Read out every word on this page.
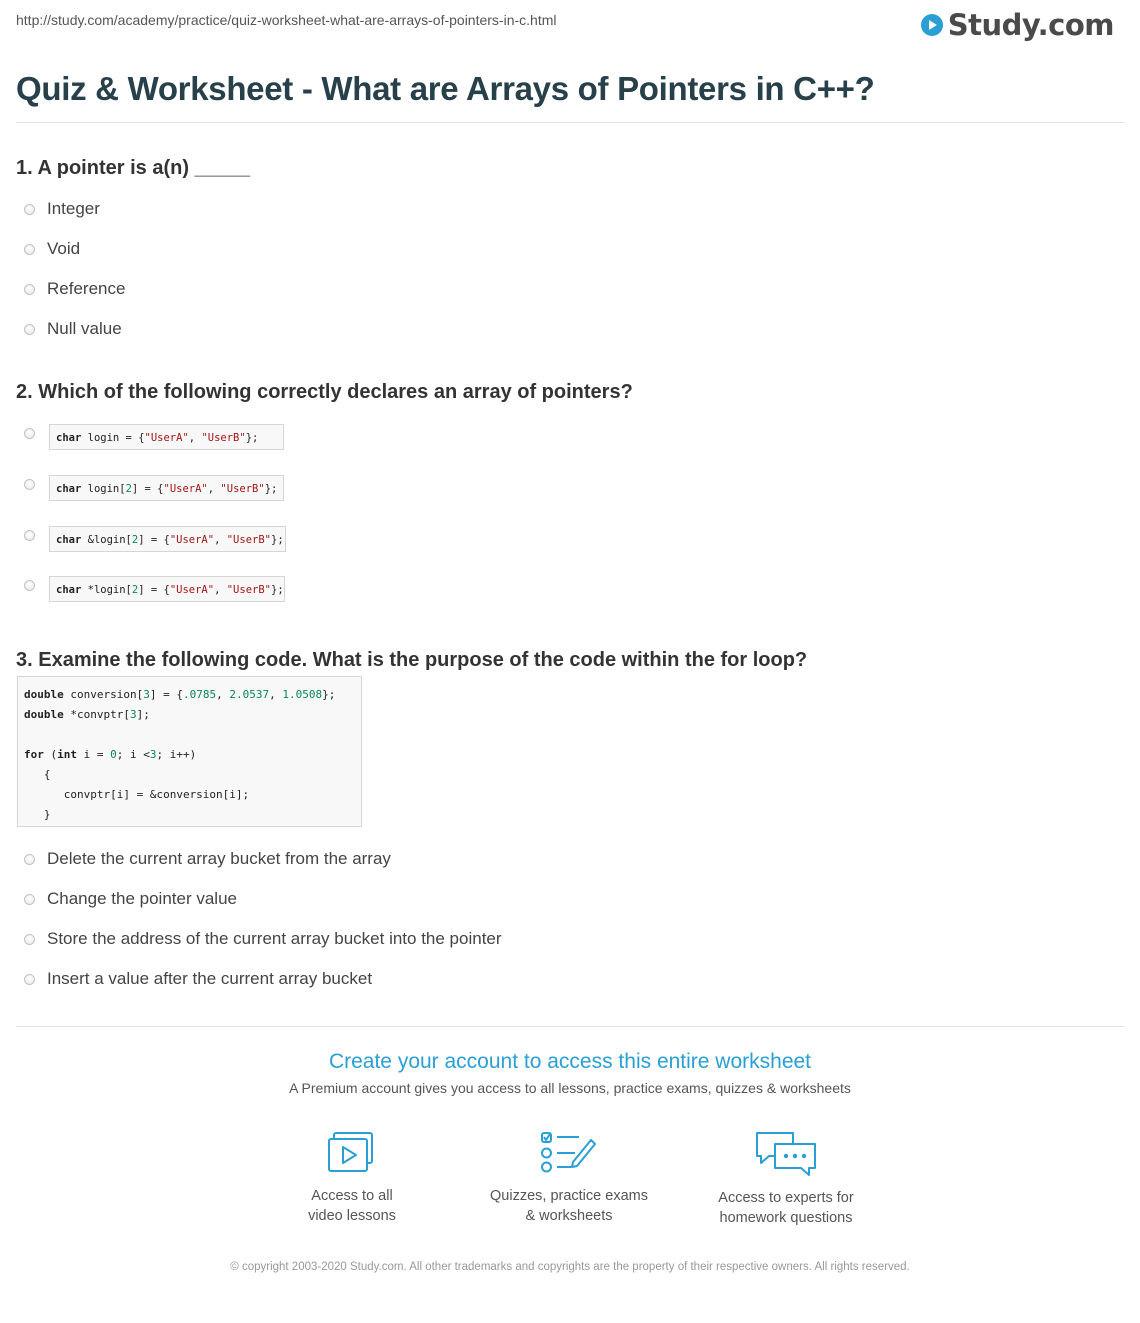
http://study.com/academy/practice/quiz-worksheet-what-are-arrays-of-pointers-in-c.html	Study.com
Quiz & Worksheet - What are Arrays of Pointers in C++?
1. A pointer is a(n) _____
Integer
Void
Reference
Null value
2. Which of the following correctly declares an array of pointers?
char login = {"UserA", "UserB"};
char login[2] = {"UserA", "UserB"};
char &login[2] = {"UserA", "UserB"};
char *login[2] = {"UserA", "UserB"};
3. Examine the following code. What is the purpose of the code within the for loop?
double conversion[3] = {.0785, 2.0537, 1.0508};
double *convptr[3];

for (int i = 0; i <3; i++)
{
convptr[i] = &conversion[i];
}
Delete the current array bucket from the array
Change the pointer value
Store the address of the current array bucket into the pointer
Insert a value after the current array bucket
Create your account to access this entire worksheet
A Premium account gives you access to all lessons, practice exams, quizzes & worksheets
Access to all
video lessons
Quizzes, practice exams
& worksheets
Access to experts for
homework questions
© copyright 2003-2020 Study.com. All other trademarks and copyrights are the property of their respective owners. All rights reserved.
